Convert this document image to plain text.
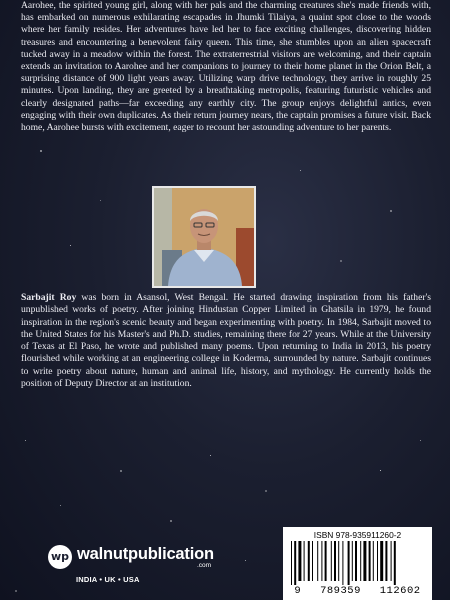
Aarohee, the spirited young girl, along with her pals and the charming creatures she's made friends with, has embarked on numerous exhilarating escapades in Jhumki Tilaiya, a quaint spot close to the woods where her family resides. Her adventures have led her to face exciting challenges, discovering hidden treasures and encountering a benevolent fairy queen. This time, she stumbles upon an alien spacecraft tucked away in a meadow within the forest. The extraterrestrial visitors are welcoming, and their captain extends an invitation to Aarohee and her companions to journey to their home planet in the Orion Belt, a surprising distance of 900 light years away. Utilizing warp drive technology, they arrive in roughly 25 minutes. Upon landing, they are greeted by a breathtaking metropolis, featuring futuristic vehicles and clearly designated paths—far exceeding any earthly city. The group enjoys delightful antics, even engaging with their own duplicates. As their return journey nears, the captain promises a future visit. Back home, Aarohee bursts with excitement, eager to recount her astounding adventure to her parents.

Sarbajit Roy was born in Asansol, West Bengal. He started drawing inspiration from his father's unpublished works of poetry. After joining Hindustan Copper Limited in Ghatsila in 1979, he found inspiration in the region's scenic beauty and began experimenting with poetry. In 1984, Sarbajit moved to the United States for his Master's and Ph.D. studies, remaining there for 27 years. While at the University of Texas at El Paso, he wrote and published many poems. Upon returning to India in 2013, his poetry flourished while working at an engineering college in Koderma, surrounded by nature. Sarbajit continues to write poetry about nature, human and animal life, history, and mythology. He currently holds the position of Deputy Director at an institution.

wp walnutpublication
.com
INDIA • UK • USA
ISBN 978-935911260-2
9 789359 112602
